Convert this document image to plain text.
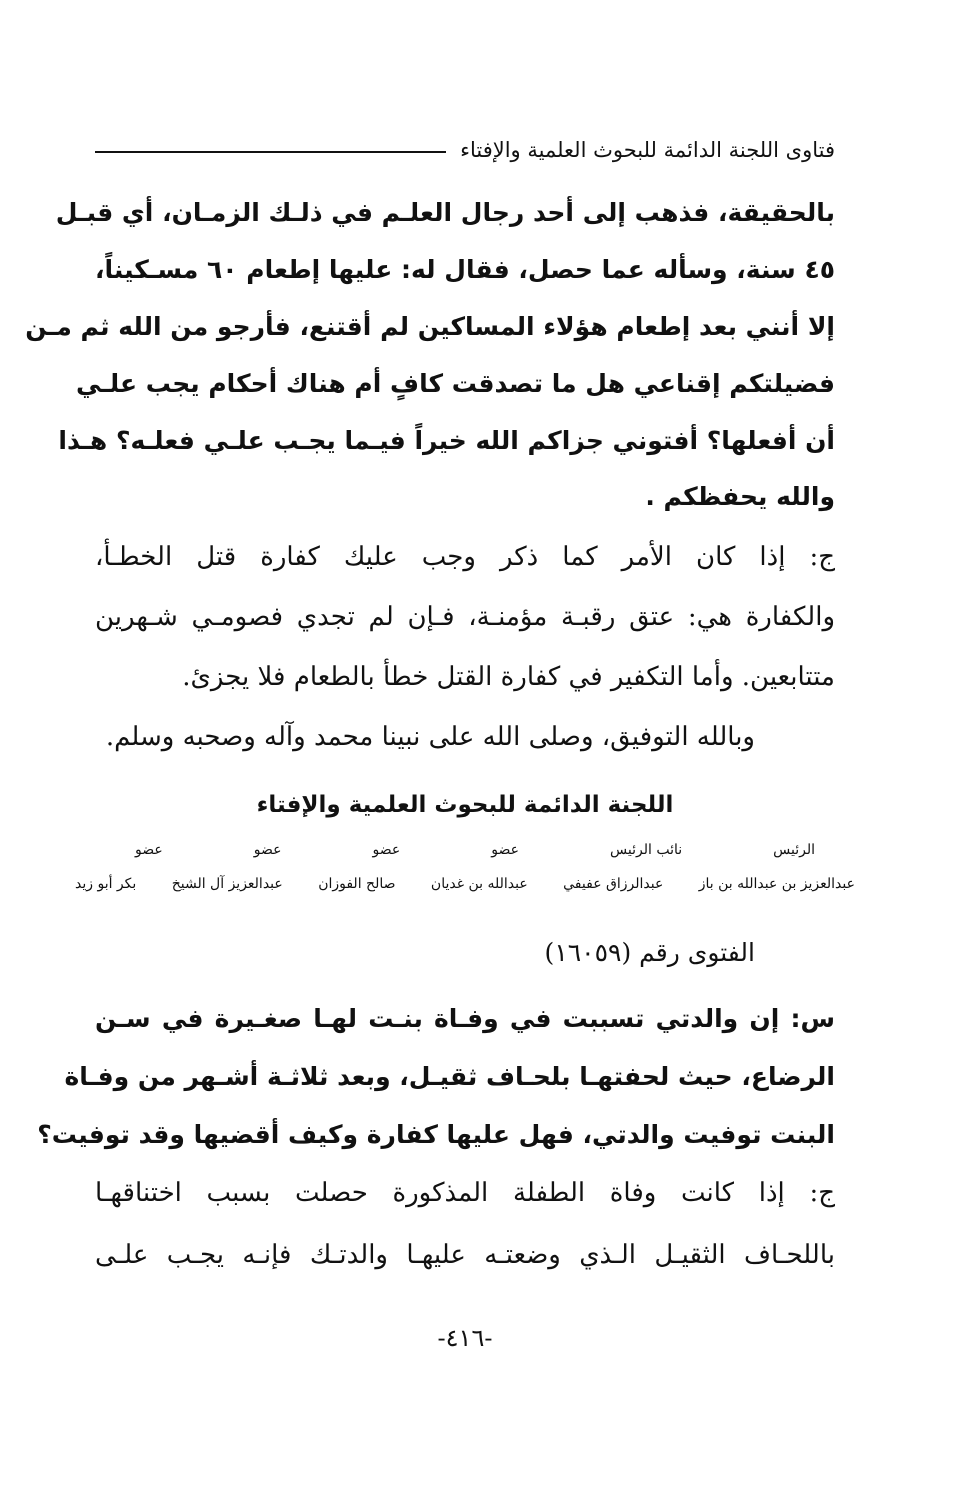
فتاوى اللجنة الدائمة للبحوث العلمية والإفتاء
بالحقيقة، فذهب إلى أحد رجال العلـم في ذلـك الزمـان، أي قبـل
٤٥ سنة، وسأله عما حصل، فقال له: عليها إطعام ٦٠ مسـكيناً،
إلا أنني بعد إطعام هؤلاء المساكين لم أقتنع، فأرجو من الله ثم مـن
فضيلتكم إقناعي هل ما تصدقت كافٍ أم هناك أحكام يجب علـي
أن أفعلها؟ أفتوني جزاكم الله خيراً فيـما يجـب علـي فعلـه؟ هـذا
والله يحفظكم .
ج: إذا كان الأمر كما ذكر وجب عليك كفارة قتل الخطـأ،
والكفارة هي: عتق رقبـة مؤمنـة، فـإن لم تجدي فصومـي شـهرين
متتابعين. وأما التكفير في كفارة القتل خطأ بالطعام فلا يجزئ.
وبالله التوفيق، وصلى الله على نبينا محمد وآله وصحبه وسلم.
اللجنة الدائمة للبحوث العلمية والإفتاء
الرئيس
نائب الرئيس
عضو
عضو
عضو
عضو
عبدالعزيز بن عبدالله بن باز
عبدالرزاق عفيفي
عبدالله بن غديان
صالح الفوزان
عبدالعزيز آل الشيخ
بكر أبو زيد
الفتوى رقم (١٦٠٥٩)
س: إن والدتي تسببت في وفـاة بنـت لهـا صغـيرة في سـن
الرضاع، حيث لحفتهـا بلحـاف ثقيـل، وبعد ثلاثـة أشـهر من وفـاة
البنت توفيت والدتي، فهل عليها كفارة وكيف أقضيها وقد توفيت؟
ج: إذا كانت وفاة الطفلة المذكورة حصلت بسبب اختناقهـا
باللحـاف الثقيـل الـذي وضعتـه عليهـا والدتـك فإنـه يجـب علـى
-٤١٦-
